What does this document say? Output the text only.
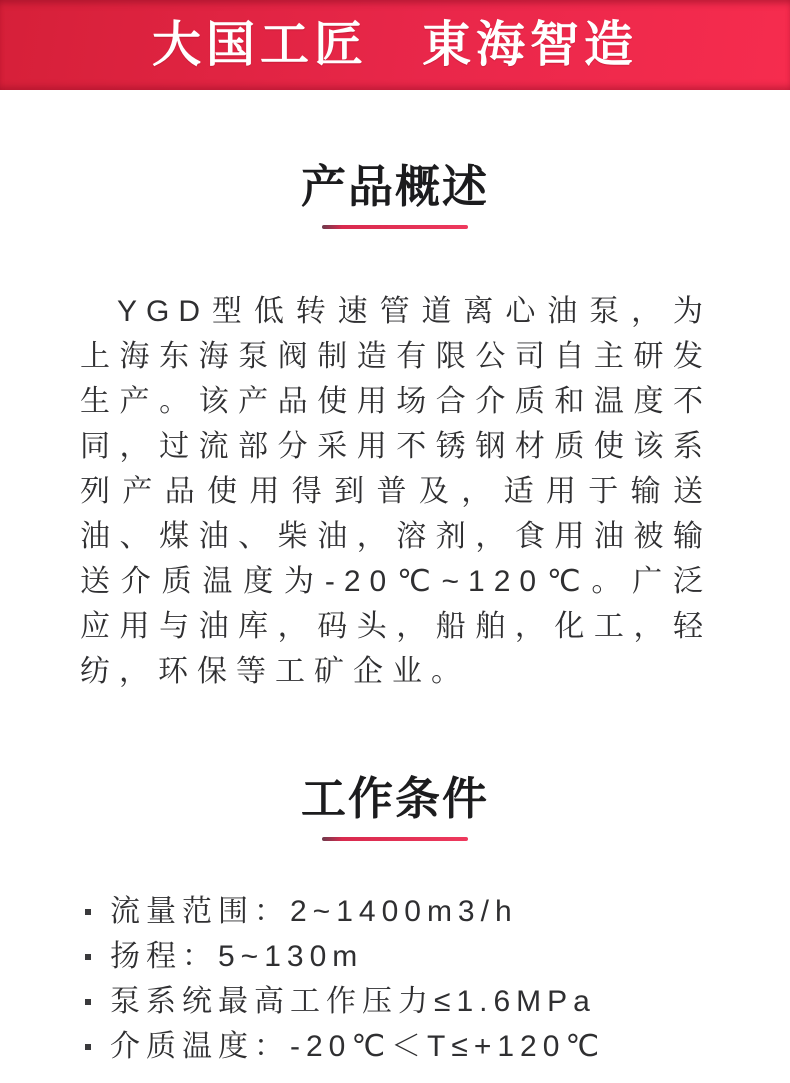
大国工匠　東海智造
产品概述

YGD型低转速管道离心油泵，为上海东海泵阀制造有限公司自主研发生产。该产品使用场合介质和温度不同，过流部分采用不锈钢材质使该系列产品使用得到普及，适用于输送油、煤油、柴油，溶剂，食用油被输送介质温度为-20℃~120℃。广泛应用与油库，码头，船舶，化工，轻纺，环保等工矿企业。

工作条件
流量范围：2~1400m3/h
扬程：5~130m
泵系统最高工作压力≤1.6MPa
介质温度：-20℃＜T≤+120℃
